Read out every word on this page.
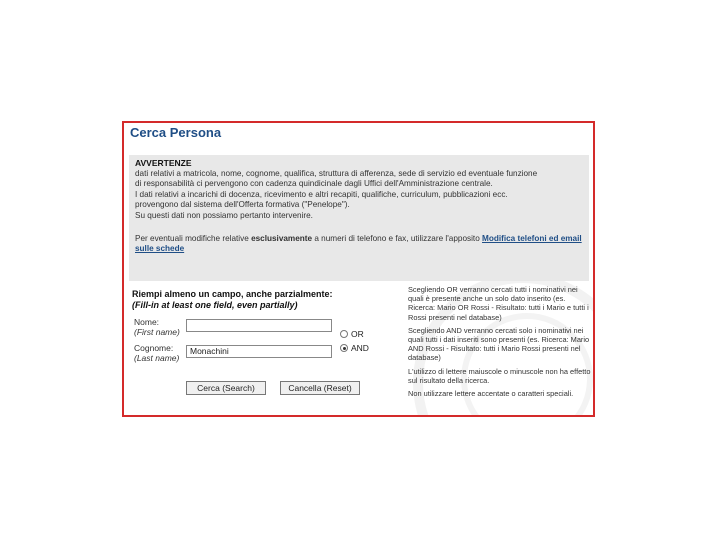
Cerca Persona

AVVERTENZE

dati relativi a matricola, nome, cognome, qualifica, struttura di afferenza, sede di servizio ed eventuale funzione

di responsabilità ci pervengono con cadenza quindicinale dagli Uffici dell'Amministrazione centrale.

I dati relativi a incarichi di docenza, ricevimento e altri recapiti, qualifiche, curriculum, pubblicazioni ecc.

provengono dal sistema dell'Offerta formativa ("Penelope").

Su questi dati non possiamo pertanto intervenire.

Per eventuali modifiche relative esclusivamente a numeri di telefono e fax, utilizzare l'apposito Modifica telefoni ed email sulle schede

Riempi almeno un campo, anche parzialmente:
(Fill-in at least one field, even partially)
Nome:
(First name)
Cognome:
(Last name)
Monachini
OR
AND
Cerca (Search)	Cancella (Reset)

Scegliendo OR verranno cercati tutti i nominativi nei quali è presente anche un solo dato inserito (es. Ricerca: Mario OR Rossi - Risultato: tutti i Mario e tutti i Rossi presenti nel database)

Scegliendo AND verranno cercati solo i nominativi nei quali tutti i dati inseriti sono presenti (es. Ricerca: Mario AND Rossi - Risultato: tutti i Mario Rossi presenti nel database)

L'utilizzo di lettere maiuscole o minuscole non ha effetto sul risultato della ricerca.

Non utilizzare lettere accentate o caratteri speciali.
